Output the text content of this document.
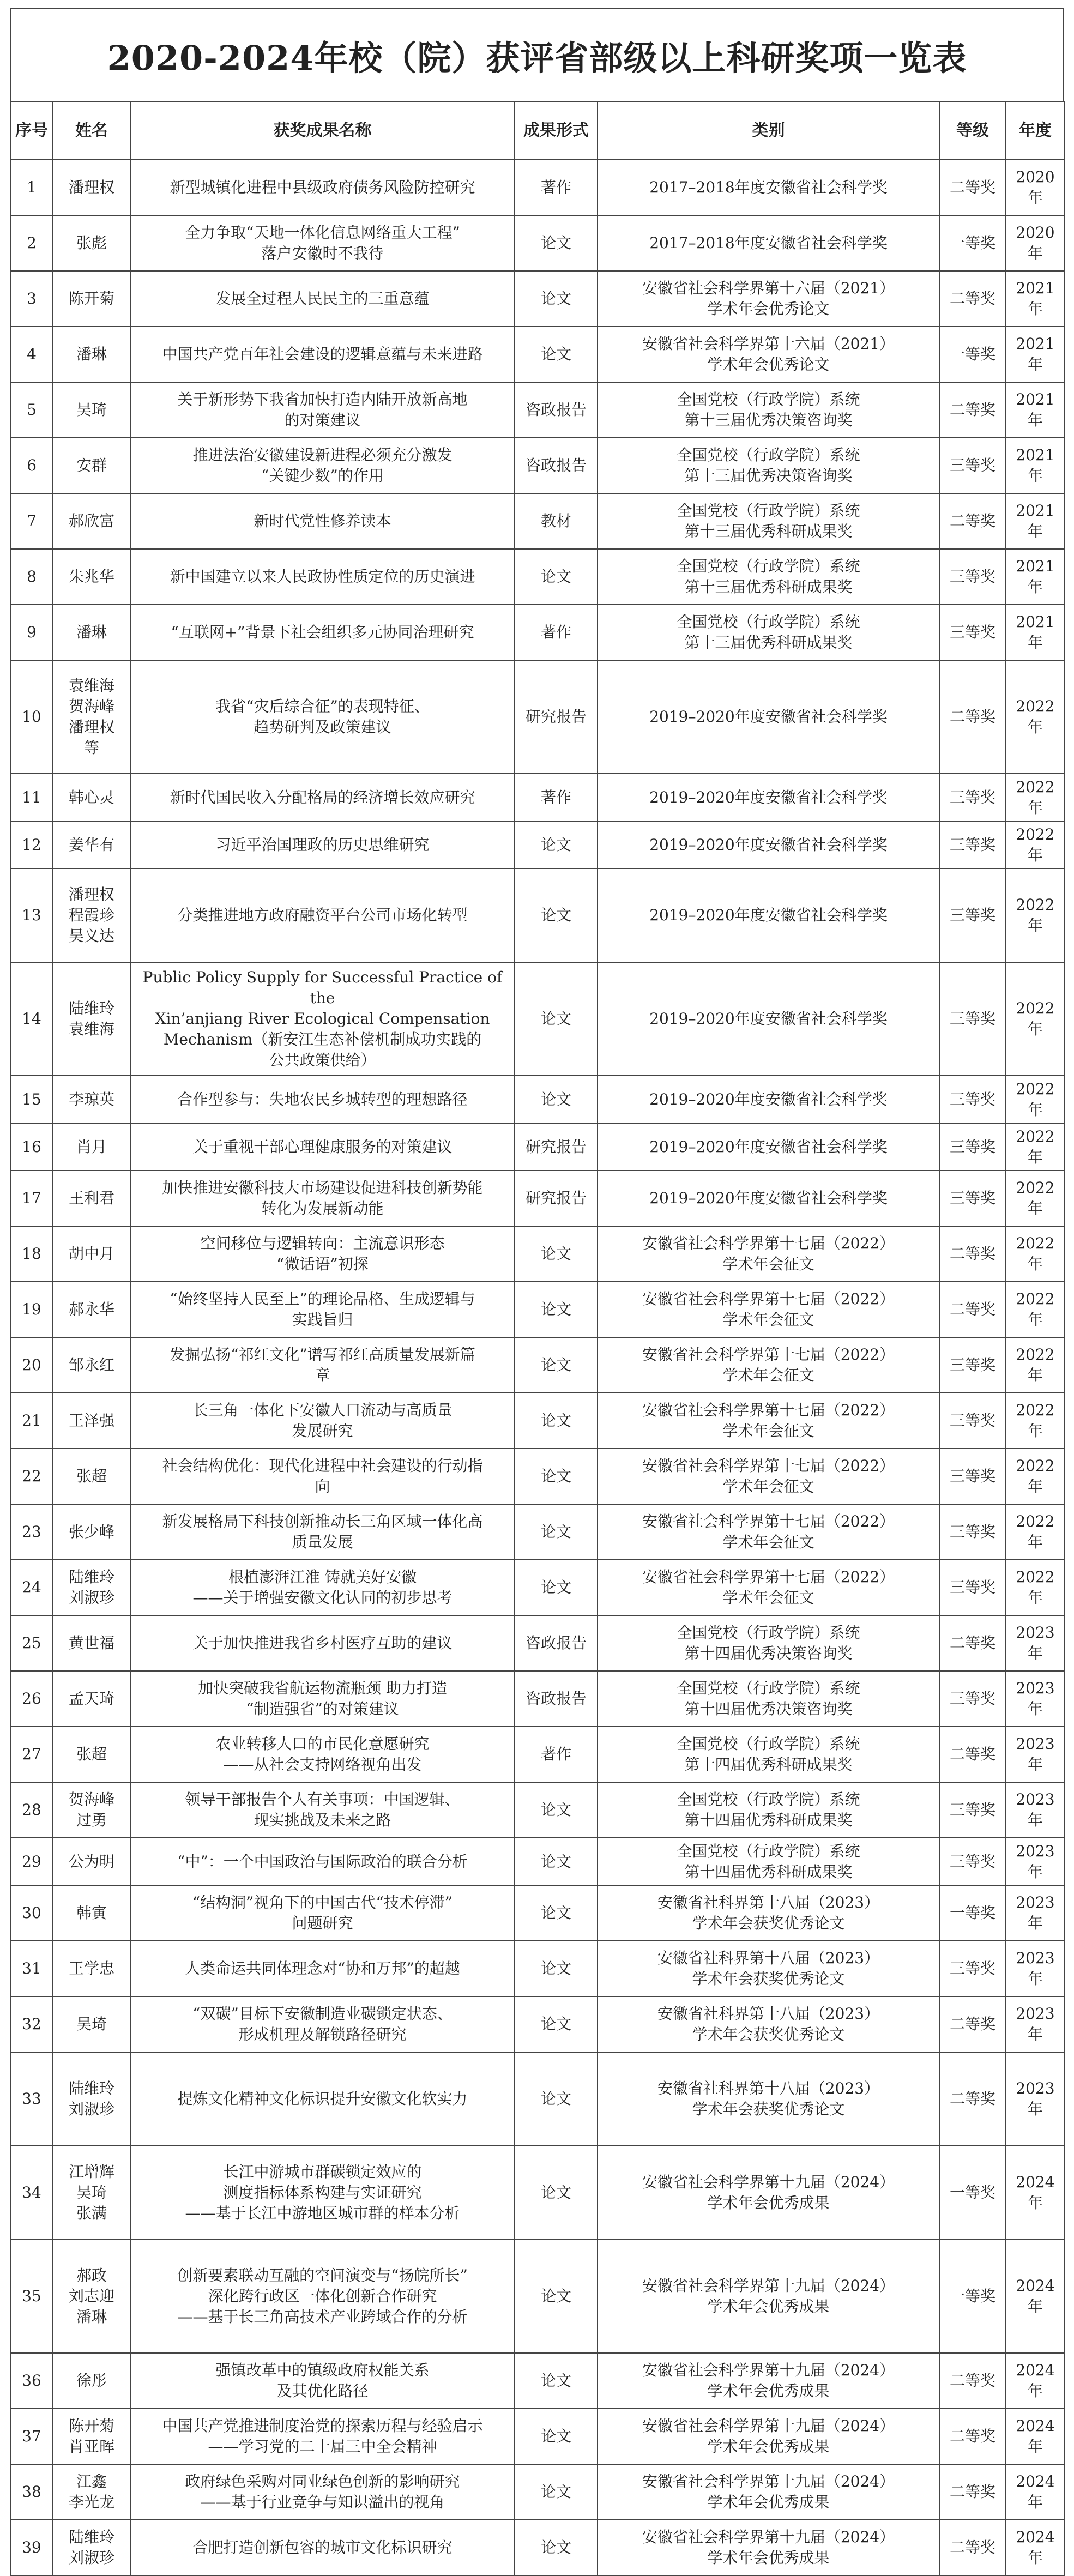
2020-2024年校（院）获评省部级以上科研奖项一览表
序号	姓名	获奖成果名称	成果形式	类别	等级	年度
1	潘理权	新型城镇化进程中县级政府债务风险防控研究	著作	2017–2018年度安徽省社会科学奖	二等奖	2020年
2	张彪	全力争取“天地一体化信息网络重大工程”
落户安徽时不我待	论文	2017–2018年度安徽省社会科学奖	一等奖	2020年
3	陈开菊	发展全过程人民民主的三重意蕴	论文	安徽省社会科学界第十六届（2021）
学术年会优秀论文	二等奖	2021年
4	潘琳	中国共产党百年社会建设的逻辑意蕴与未来进路	论文	安徽省社会科学界第十六届（2021）
学术年会优秀论文	一等奖	2021年
5	吴琦	关于新形势下我省加快打造内陆开放新高地
的对策建议	咨政报告	全国党校（行政学院）系统
第十三届优秀决策咨询奖	二等奖	2021年
6	安群	推进法治安徽建设新进程必须充分激发
“关键少数”的作用	咨政报告	全国党校（行政学院）系统
第十三届优秀决策咨询奖	三等奖	2021年
7	郝欣富	新时代党性修养读本	教材	全国党校（行政学院）系统
第十三届优秀科研成果奖	二等奖	2021年
8	朱兆华	新中国建立以来人民政协性质定位的历史演进	论文	全国党校（行政学院）系统
第十三届优秀科研成果奖	三等奖	2021年
9	潘琳	“互联网+”背景下社会组织多元协同治理研究	著作	全国党校（行政学院）系统
第十三届优秀科研成果奖	三等奖	2021年
10	袁维海
贺海峰
潘理权
等	我省“灾后综合征”的表现特征、
趋势研判及政策建议	研究报告	2019–2020年度安徽省社会科学奖	二等奖	2022年
11	韩心灵	新时代国民收入分配格局的经济增长效应研究	著作	2019–2020年度安徽省社会科学奖	三等奖	2022年
12	姜华有	习近平治国理政的历史思维研究	论文	2019–2020年度安徽省社会科学奖	三等奖	2022年
13	潘理权
程霞珍
吴义达	分类推进地方政府融资平台公司市场化转型	论文	2019–2020年度安徽省社会科学奖	三等奖	2022年
14	陆维玲
袁维海	Public Policy Supply for Successful Practice of the
Xin’anjiang River Ecological Compensation
Mechanism（新安江生态补偿机制成功实践的
公共政策供给）	论文	2019–2020年度安徽省社会科学奖	三等奖	2022年
15	李琼英	合作型参与：失地农民乡城转型的理想路径	论文	2019–2020年度安徽省社会科学奖	三等奖	2022年
16	肖月	关于重视干部心理健康服务的对策建议	研究报告	2019–2020年度安徽省社会科学奖	三等奖	2022年
17	王利君	加快推进安徽科技大市场建设促进科技创新势能
转化为发展新动能	研究报告	2019–2020年度安徽省社会科学奖	三等奖	2022年
18	胡中月	空间移位与逻辑转向：主流意识形态
“微话语”初探	论文	安徽省社会科学界第十七届（2022）
学术年会征文	二等奖	2022年
19	郝永华	“始终坚持人民至上”的理论品格、生成逻辑与
实践旨归	论文	安徽省社会科学界第十七届（2022）
学术年会征文	二等奖	2022年
20	邹永红	发掘弘扬“祁红文化”谱写祁红高质量发展新篇
章	论文	安徽省社会科学界第十七届（2022）
学术年会征文	三等奖	2022年
21	王泽强	长三角一体化下安徽人口流动与高质量
发展研究	论文	安徽省社会科学界第十七届（2022）
学术年会征文	三等奖	2022年
22	张超	社会结构优化：现代化进程中社会建设的行动指
向	论文	安徽省社会科学界第十七届（2022）
学术年会征文	三等奖	2022年
23	张少峰	新发展格局下科技创新推动长三角区域一体化高
质量发展	论文	安徽省社会科学界第十七届（2022）
学术年会征文	三等奖	2022年
24	陆维玲
刘淑珍	根植澎湃江淮 铸就美好安徽
——关于增强安徽文化认同的初步思考	论文	安徽省社会科学界第十七届（2022）
学术年会征文	三等奖	2022年
25	黄世福	关于加快推进我省乡村医疗互助的建议	咨政报告	全国党校（行政学院）系统
第十四届优秀决策咨询奖	二等奖	2023年
26	孟天琦	加快突破我省航运物流瓶颈 助力打造
“制造强省”的对策建议	咨政报告	全国党校（行政学院）系统
第十四届优秀决策咨询奖	三等奖	2023年
27	张超	农业转移人口的市民化意愿研究
——从社会支持网络视角出发	著作	全国党校（行政学院）系统
第十四届优秀科研成果奖	二等奖	2023年
28	贺海峰
过勇	领导干部报告个人有关事项：中国逻辑、
现实挑战及未来之路	论文	全国党校（行政学院）系统
第十四届优秀科研成果奖	三等奖	2023年
29	公为明	“中”：一个中国政治与国际政治的联合分析	论文	全国党校（行政学院）系统
第十四届优秀科研成果奖	三等奖	2023年
30	韩寅	“结构洞”视角下的中国古代“技术停滞”
问题研究	论文	安徽省社科界第十八届（2023）
学术年会获奖优秀论文	一等奖	2023年
31	王学忠	人类命运共同体理念对“协和万邦”的超越	论文	安徽省社科界第十八届（2023）
学术年会获奖优秀论文	三等奖	2023年
32	吴琦	“双碳”目标下安徽制造业碳锁定状态、
形成机理及解锁路径研究	论文	安徽省社科界第十八届（2023）
学术年会获奖优秀论文	二等奖	2023年
33	陆维玲
刘淑珍	提炼文化精神文化标识提升安徽文化软实力	论文	安徽省社科界第十八届（2023）
学术年会获奖优秀论文	二等奖	2023年
34	江增辉
吴琦
张满	长江中游城市群碳锁定效应的
测度指标体系构建与实证研究
——基于长江中游地区城市群的样本分析	论文	安徽省社会科学界第十九届（2024）
学术年会优秀成果	一等奖	2024年
35	郝政
刘志迎
潘琳	创新要素联动互融的空间演变与“扬皖所长”
深化跨行政区一体化创新合作研究
——基于长三角高技术产业跨域合作的分析	论文	安徽省社会科学界第十九届（2024）
学术年会优秀成果	一等奖	2024年
36	徐彤	强镇改革中的镇级政府权能关系
及其优化路径	论文	安徽省社会科学界第十九届（2024）
学术年会优秀成果	二等奖	2024年
37	陈开菊
肖亚晖	中国共产党推进制度治党的探索历程与经验启示
——学习党的二十届三中全会精神	论文	安徽省社会科学界第十九届（2024）
学术年会优秀成果	二等奖	2024年
38	江鑫
李光龙	政府绿色采购对同业绿色创新的影响研究
——基于行业竞争与知识溢出的视角	论文	安徽省社会科学界第十九届（2024）
学术年会优秀成果	二等奖	2024年
39	陆维玲
刘淑珍	合肥打造创新包容的城市文化标识研究	论文	安徽省社会科学界第十九届（2024）
学术年会优秀成果	二等奖	2024年
